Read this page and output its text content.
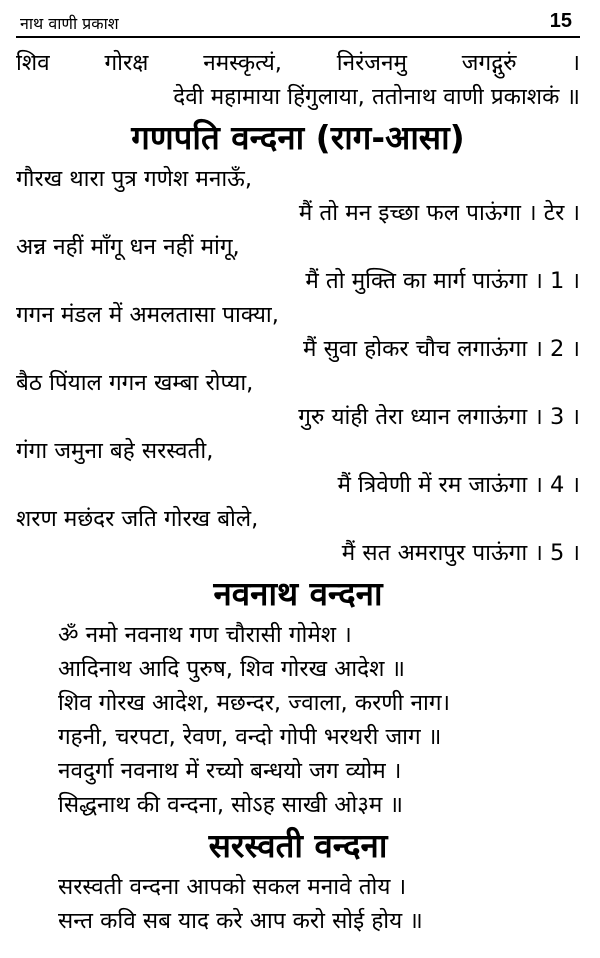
नाथ वाणी प्रकाश	15
शिव गोरक्ष नमस्कृत्यं, निरंजनमु जगद्गुरुं ।
देवी महामाया हिंगुलाया, ततोनाथ वाणी प्रकाशकं ॥
गणपति वन्दना (राग-आसा)
गौरख थारा पुत्र गणेश मनाऊँ,
मैं तो मन इच्छा फल पाऊंगा । टेर ।
अन्न नहीं माँगू धन नहीं मांगू,
मैं तो मुक्ति का मार्ग पाऊंगा । 1 ।
गगन मंडल में अमलतासा पाक्या,
मैं सुवा होकर चौच लगाऊंगा । 2 ।
बैठ पिंयाल गगन खम्बा रोप्या,
गुरु यांही तेरा ध्यान लगाऊंगा । 3 ।
गंगा जमुना बहे सरस्वती,
मैं त्रिवेणी में रम जाऊंगा । 4 ।
शरण मछंदर जति गोरख बोले,
मैं सत अमरापुर पाऊंगा । 5 ।
नवनाथ वन्दना
ॐ नमो नवनाथ गण चौरासी गोमेश ।
आदिनाथ आदि पुरुष, शिव गोरख आदेश ॥
शिव गोरख आदेश, मछन्दर, ज्वाला, करणी नाग।
गहनी, चरपटा, रेवण, वन्दो गोपी भरथरी जाग ॥
नवदुर्गा नवनाथ में रच्यो बन्धयो जग व्योम ।
सिद्धनाथ की वन्दना, सोऽह साखी ओ३म ॥
सरस्वती वन्दना
सरस्वती वन्दना आपको सकल मनावे तोय ।
सन्त कवि सब याद करे आप करो सोई होय ॥
